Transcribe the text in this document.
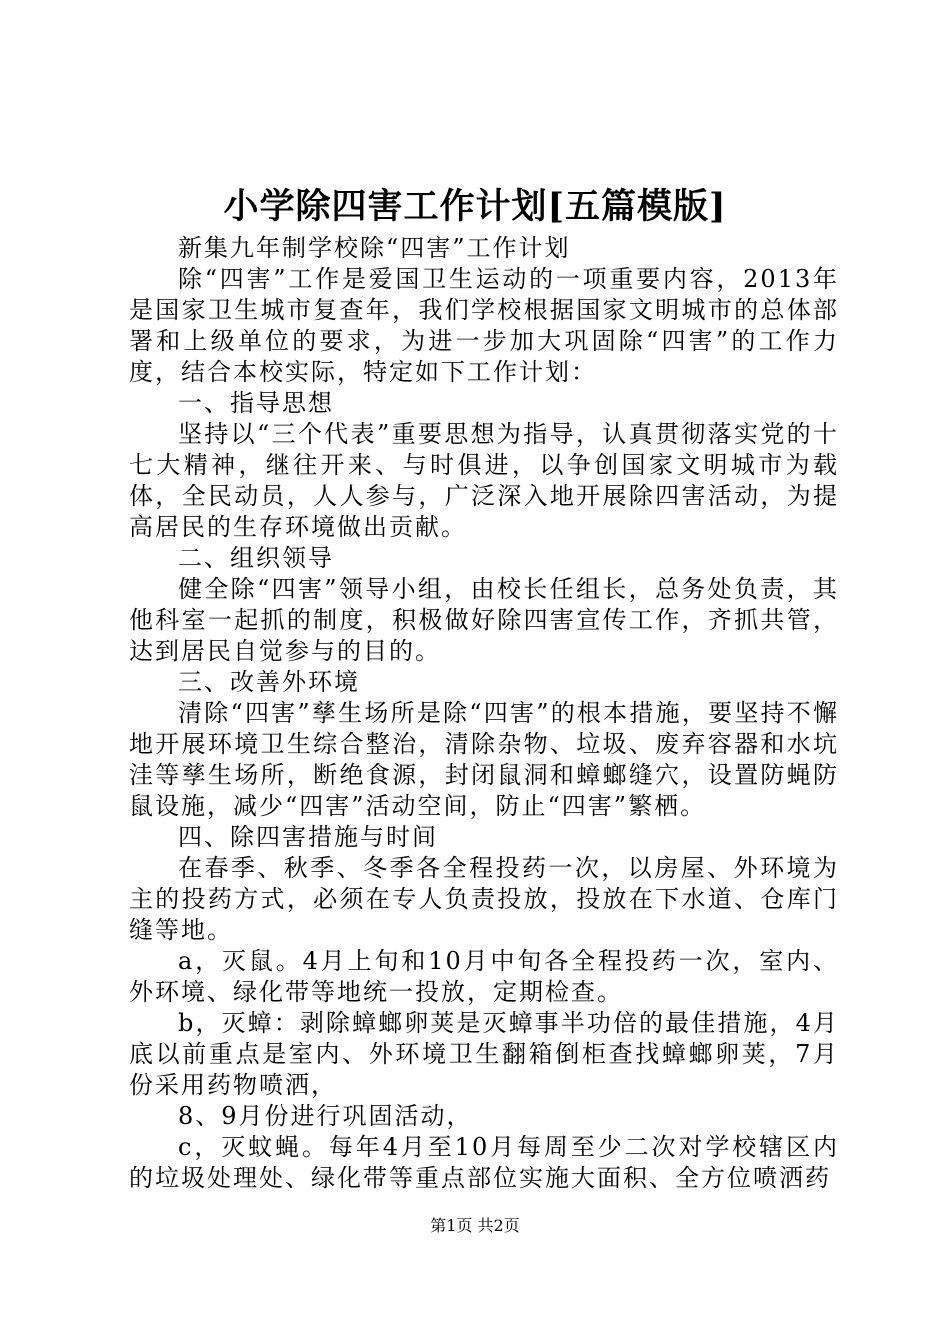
小学除四害工作计划[五篇模版]

新集九年制学校除“四害”工作计划

除“四害”工作是爱国卫生运动的一项重要内容，2013年是国家卫生城市复查年，我们学校根据国家文明城市的总体部署和上级单位的要求，为进一步加大巩固除“四害”的工作力度，结合本校实际，特定如下工作计划：

一、指导思想

坚持以“三个代表”重要思想为指导，认真贯彻落实党的十七大精神，继往开来、与时俱进，以争创国家文明城市为载体，全民动员，人人参与，广泛深入地开展除四害活动，为提高居民的生存环境做出贡献。

二、组织领导

健全除“四害”领导小组，由校长任组长，总务处负责，其他科室一起抓的制度，积极做好除四害宣传工作，齐抓共管，达到居民自觉参与的目的。

三、改善外环境

清除“四害”孳生场所是除“四害”的根本措施，要坚持不懈地开展环境卫生综合整治，清除杂物、垃圾、废弃容器和水坑洼等孳生场所，断绝食源，封闭鼠洞和蟑螂缝穴，设置防蝇防鼠设施，减少“四害”活动空间，防止“四害”繁栖。

四、除四害措施与时间

在春季、秋季、冬季各全程投药一次，以房屋、外环境为主的投药方式，必须在专人负责投放，投放在下水道、仓库门缝等地。

a，灭鼠。4月上旬和10月中旬各全程投药一次，室内、外环境、绿化带等地统一投放，定期检查。

b，灭蟑：剥除蟑螂卵荚是灭蟑事半功倍的最佳措施，4月底以前重点是室内、外环境卫生翻箱倒柜查找蟑螂卵荚，7月份采用药物喷洒，

8、9月份进行巩固活动，

c，灭蚊蝇。每年4月至10月每周至少二次对学校辖区内的垃圾处理处、绿化带等重点部位实施大面积、全方位喷洒药

第1页 共2页
